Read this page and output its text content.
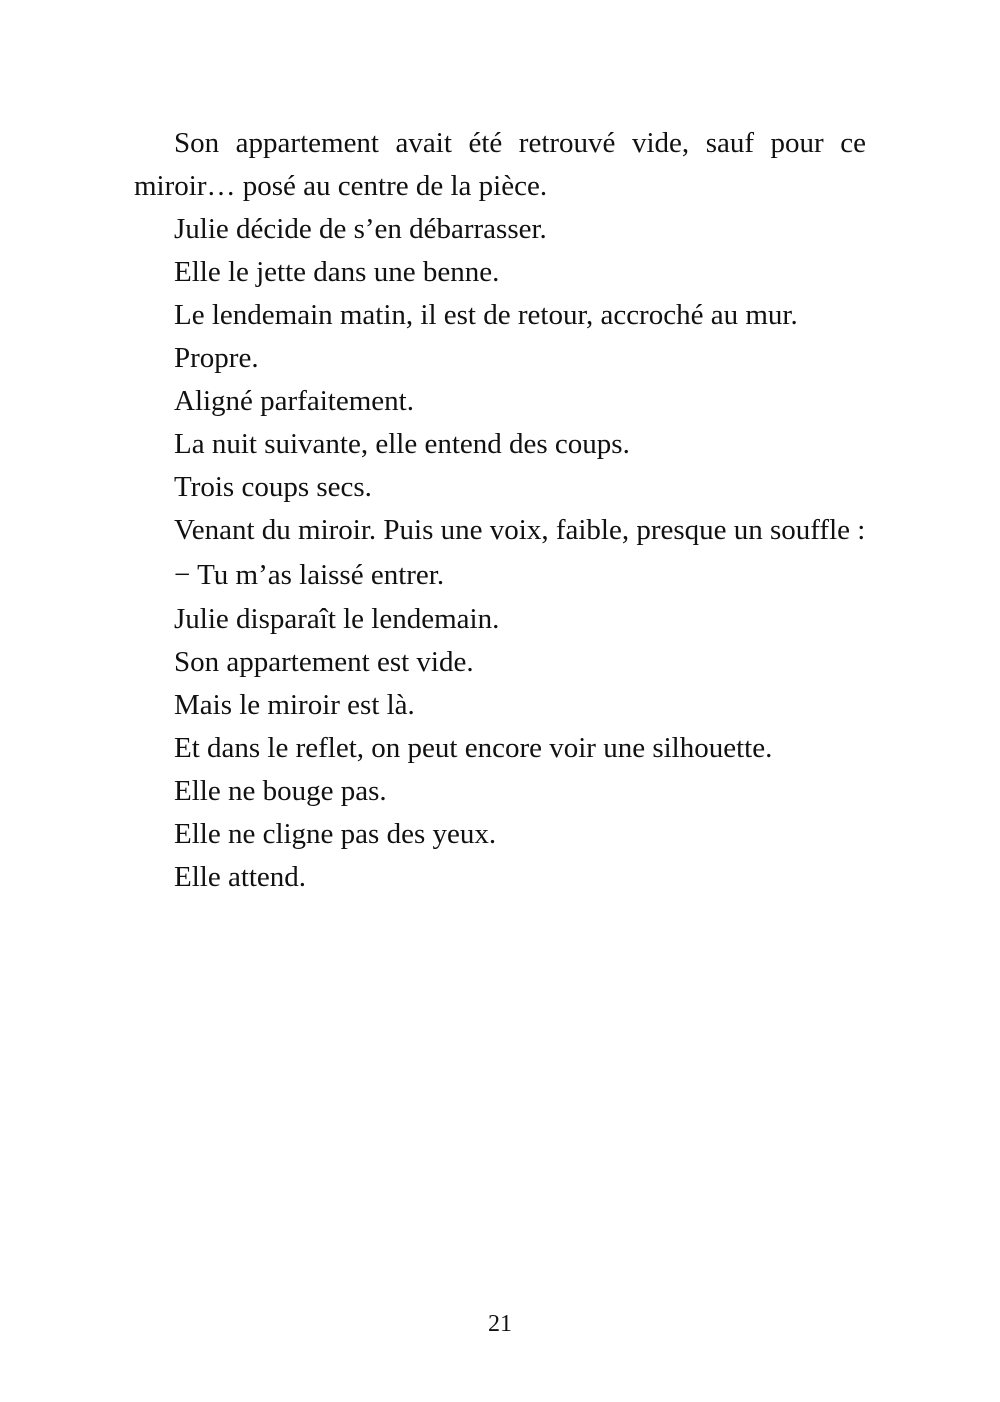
Son appartement avait été retrouvé vide, sauf pour ce miroir… posé au centre de la pièce.

Julie décide de s’en débarrasser.

Elle le jette dans une benne.

Le lendemain matin, il est de retour, accroché au mur.

Propre.

Aligné parfaitement.

La nuit suivante, elle entend des coups.

Trois coups secs.

Venant du miroir. Puis une voix, faible, presque un souffle :

− Tu m’as laissé entrer.

Julie disparaît le lendemain.

Son appartement est vide.

Mais le miroir est là.

Et dans le reflet, on peut encore voir une silhouette.

Elle ne bouge pas.

Elle ne cligne pas des yeux.

Elle attend.

21
